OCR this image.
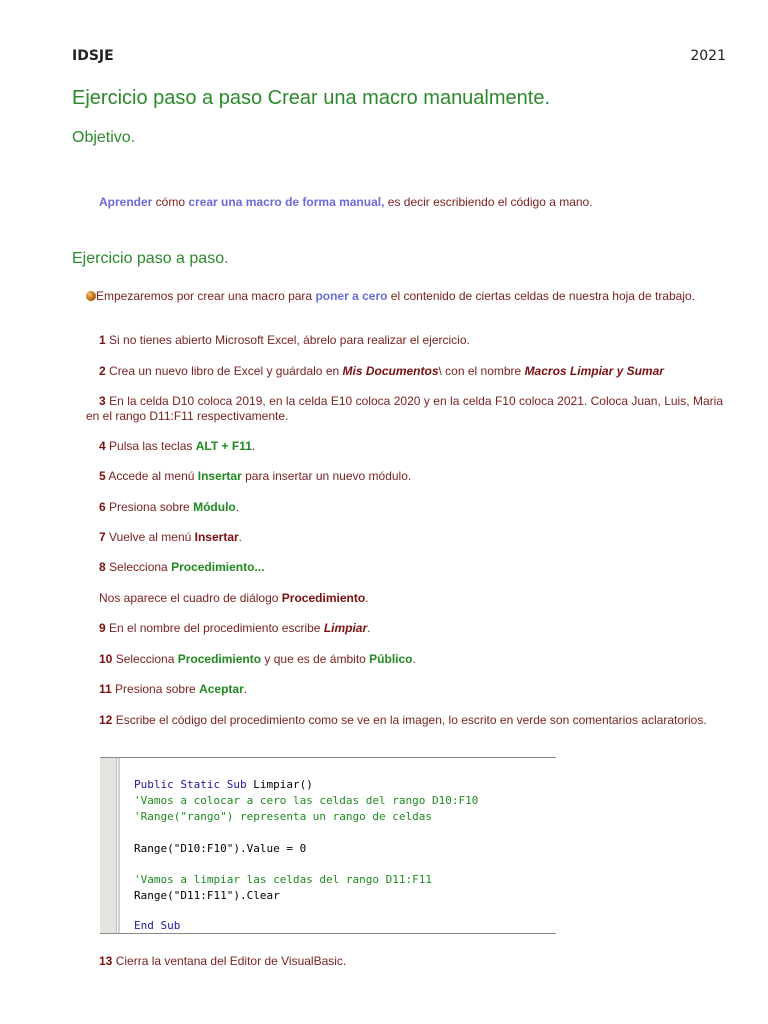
IDSJE	2021
Ejercicio paso a paso Crear una macro manualmente.
Objetivo.
Aprender cómo crear una macro de forma manual, es decir escribiendo el código a mano.
Ejercicio paso a paso.
Empezaremos por crear una macro para poner a cero el contenido de ciertas celdas de nuestra hoja de trabajo.
1 Si no tienes abierto Microsoft Excel, ábrelo para realizar el ejercicio.
2 Crea un nuevo libro de Excel y guárdalo en Mis Documentos\ con el nombre Macros Limpiar y Sumar
3 En la celda D10 coloca 2019, en la celda E10 coloca 2020 y en la celda F10 coloca 2021. Coloca Juan, Luis, Maria en el rango D11:F11 respectivamente.
4 Pulsa las teclas ALT + F11.
5 Accede al menú Insertar para insertar un nuevo módulo.
6 Presiona sobre Módulo.
7 Vuelve al menú Insertar.
8 Selecciona Procedimiento...
Nos aparece el cuadro de diálogo Procedimiento.
9 En el nombre del procedimiento escribe Limpiar.
10 Selecciona Procedimiento y que es de ámbito Público.
11 Presiona sobre Aceptar.
12 Escribe el código del procedimiento como se ve en la imagen, lo escrito en verde son comentarios aclaratorios.
Public Static Sub Limpiar()
'Vamos a colocar a cero las celdas del rango D10:F10
'Range("rango") representa un rango de celdas
Range("D10:F10").Value = 0
'Vamos a limpiar las celdas del rango D11:F11
Range("D11:F11").Clear
End Sub
13 Cierra la ventana del Editor de VisualBasic.
